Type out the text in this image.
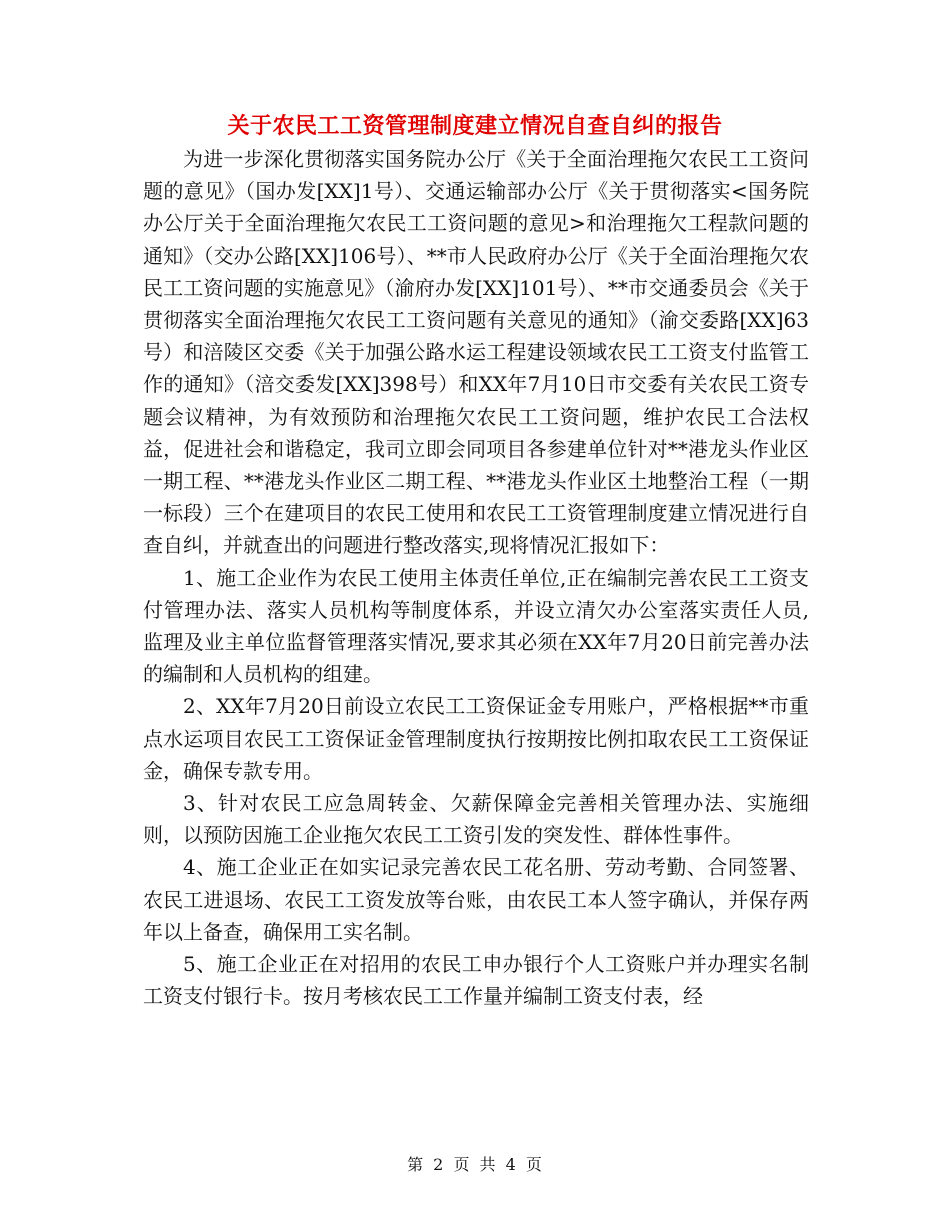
关于农民工工资管理制度建立情况自查自纠的报告

为进一步深化贯彻落实国务院办公厅《关于全面治理拖欠农民工工资问题的意见》（国办发[XX]1号）、交通运输部办公厅《关于贯彻落实<国务院办公厅关于全面治理拖欠农民工工资问题的意见>和治理拖欠工程款问题的通知》（交办公路[XX]106号）、**市人民政府办公厅《关于全面治理拖欠农民工工资问题的实施意见》（渝府办发[XX]101号）、**市交通委员会《关于贯彻落实全面治理拖欠农民工工资问题有关意见的通知》（渝交委路[XX]63号）和涪陵区交委《关于加强公路水运工程建设领域农民工工资支付监管工作的通知》（涪交委发[XX]398号）和XX年7月10日市交委有关农民工资专题会议精神，为有效预防和治理拖欠农民工工资问题，维护农民工合法权益，促进社会和谐稳定，我司立即会同项目各参建单位针对**港龙头作业区一期工程、**港龙头作业区二期工程、**港龙头作业区土地整治工程（一期一标段）三个在建项目的农民工使用和农民工工资管理制度建立情况进行自查自纠，并就查出的问题进行整改落实,现将情况汇报如下：

1、施工企业作为农民工使用主体责任单位,正在编制完善农民工工资支付管理办法、落实人员机构等制度体系，并设立清欠办公室落实责任人员,监理及业主单位监督管理落实情况,要求其必须在XX年7月20日前完善办法的编制和人员机构的组建。

2、XX年7月20日前设立农民工工资保证金专用账户，严格根据**市重点水运项目农民工工资保证金管理制度执行按期按比例扣取农民工工资保证金，确保专款专用。

3、针对农民工应急周转金、欠薪保障金完善相关管理办法、实施细则，以预防因施工企业拖欠农民工工资引发的突发性、群体性事件。

4、施工企业正在如实记录完善农民工花名册、劳动考勤、合同签署、农民工进退场、农民工工资发放等台账，由农民工本人签字确认，并保存两年以上备查，确保用工实名制。

5、施工企业正在对招用的农民工申办银行个人工资账户并办理实名制工资支付银行卡。按月考核农民工工作量并编制工资支付表，经

第 2 页 共 4 页
